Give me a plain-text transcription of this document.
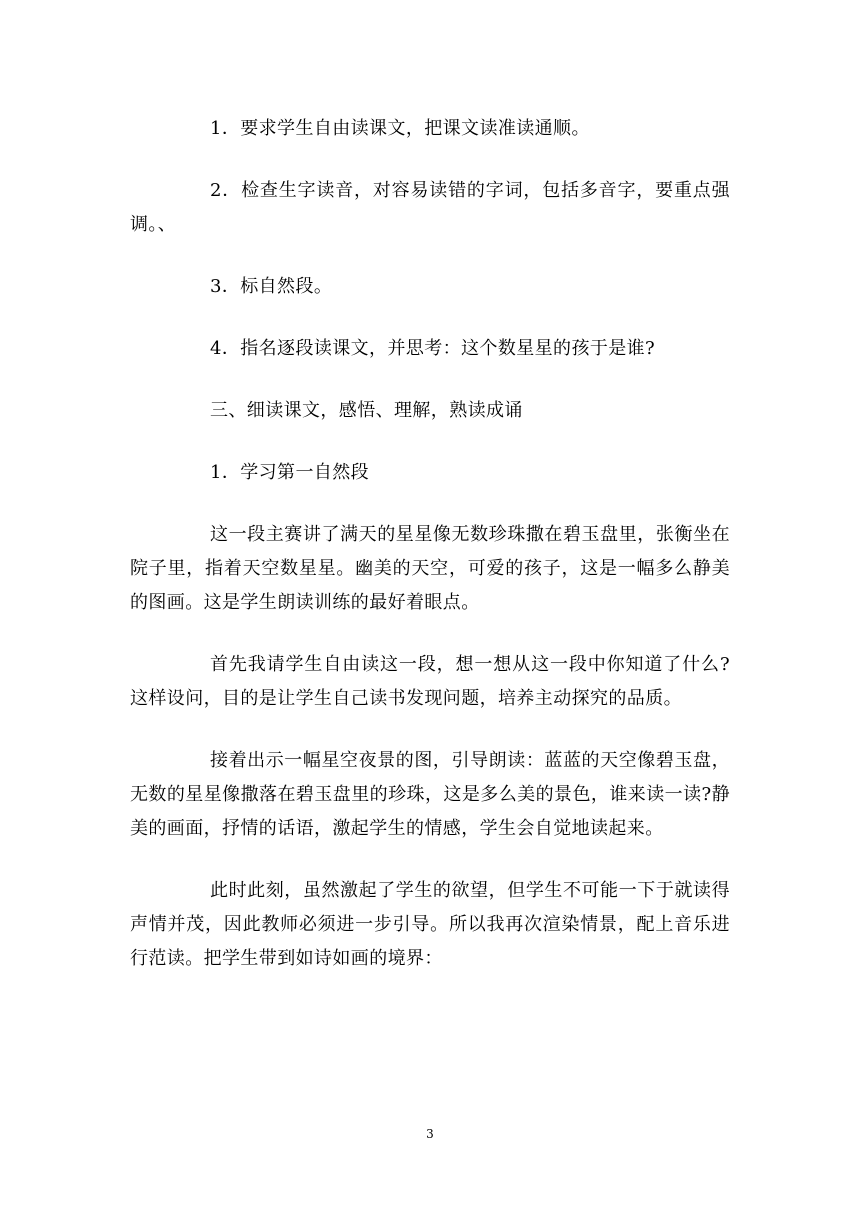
1．要求学生自由读课文，把课文读准读通顺。

2．检查生字读音，对容易读错的字词，包括多音字，要重点强调。、

3．标自然段。

4．指名逐段读课文，并思考：这个数星星的孩于是谁?

三、细读课文，感悟、理解，熟读成诵

1．学习第一自然段

这一段主赛讲了满天的星星像无数珍珠撒在碧玉盘里，张衡坐在院子里，指着天空数星星。幽美的天空，可爱的孩子，这是一幅多么静美的图画。这是学生朗读训练的最好着眼点。

首先我请学生自由读这一段，想一想从这一段中你知道了什么?这样设问，目的是让学生自己读书发现问题，培养主动探究的品质。

接着出示一幅星空夜景的图，引导朗读：蓝蓝的天空像碧玉盘，无数的星星像撒落在碧玉盘里的珍珠，这是多么美的景色，谁来读一读?静美的画面，抒情的话语，激起学生的情感，学生会自觉地读起来。

此时此刻，虽然激起了学生的欲望，但学生不可能一下于就读得声情并茂，因此教师必须进一步引导。所以我再次渲染情景，配上音乐进行范读。把学生带到如诗如画的境界：

3
